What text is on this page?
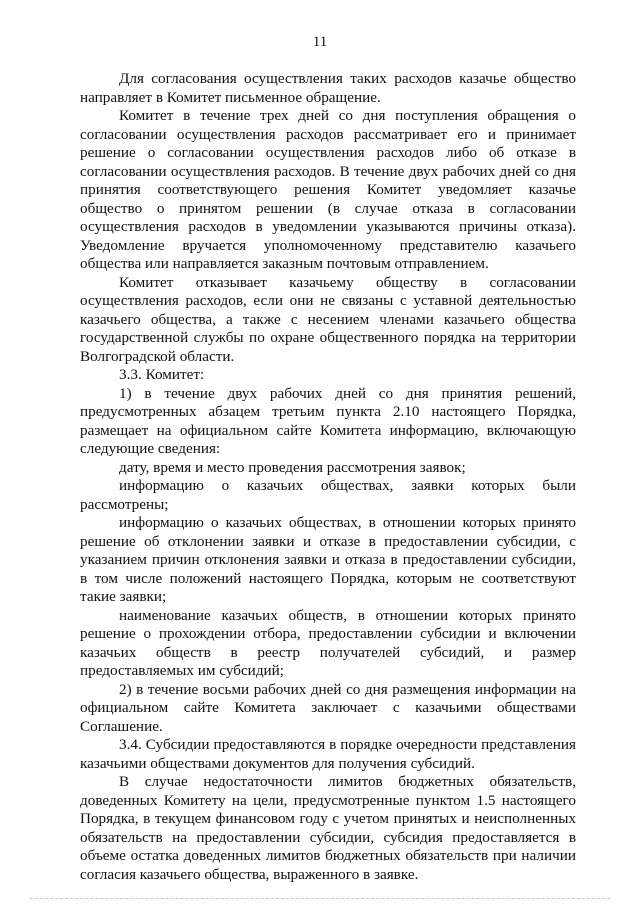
11

Для согласования осуществления таких расходов казачье общество направляет в Комитет письменное обращение.

Комитет в течение трех дней со дня поступления обращения о согласовании осуществления расходов рассматривает его и принимает решение о согласовании осуществления расходов либо об отказе в согласовании осуществления расходов. В течение двух рабочих дней со дня принятия соответствующего решения Комитет уведомляет казачье общество о принятом решении (в случае отказа в согласовании осуществления расходов в уведомлении указываются причины отказа). Уведомление вручается уполномоченному представителю казачьего общества или направляется заказным почтовым отправлением.

Комитет отказывает казачьему обществу в согласовании осуществления расходов, если они не связаны с уставной деятельностью казачьего общества, а также с несением членами казачьего общества государственной службы по охране общественного порядка на территории Волгоградской области.

3.3. Комитет:

1) в течение двух рабочих дней со дня принятия решений, предусмотренных абзацем третьим пункта 2.10 настоящего Порядка, размещает на официальном сайте Комитета информацию, включающую следующие сведения:

дату, время и место проведения рассмотрения заявок;

информацию о казачьих обществах, заявки которых были рассмотрены;

информацию о казачьих обществах, в отношении которых принято решение об отклонении заявки и отказе в предоставлении субсидии, с указанием причин отклонения заявки и отказа в предоставлении субсидии, в том числе положений настоящего Порядка, которым не соответствуют такие заявки;

наименование казачьих обществ, в отношении которых принято решение о прохождении отбора, предоставлении субсидии и включении казачьих обществ в реестр получателей субсидий, и размер предоставляемых им субсидий;

2) в течение восьми рабочих дней со дня размещения информации на официальном сайте Комитета заключает с казачьими обществами Соглашение.

3.4. Субсидии предоставляются в порядке очередности представления казачьими обществами документов для получения субсидий.

В случае недостаточности лимитов бюджетных обязательств, доведенных Комитету на цели, предусмотренные пунктом 1.5 настоящего Порядка, в текущем финансовом году с учетом принятых и неисполненных обязательств на предоставлении субсидии, субсидия предоставляется в объеме остатка доведенных лимитов бюджетных обязательств при наличии согласия казачьего общества, выраженного в заявке.
